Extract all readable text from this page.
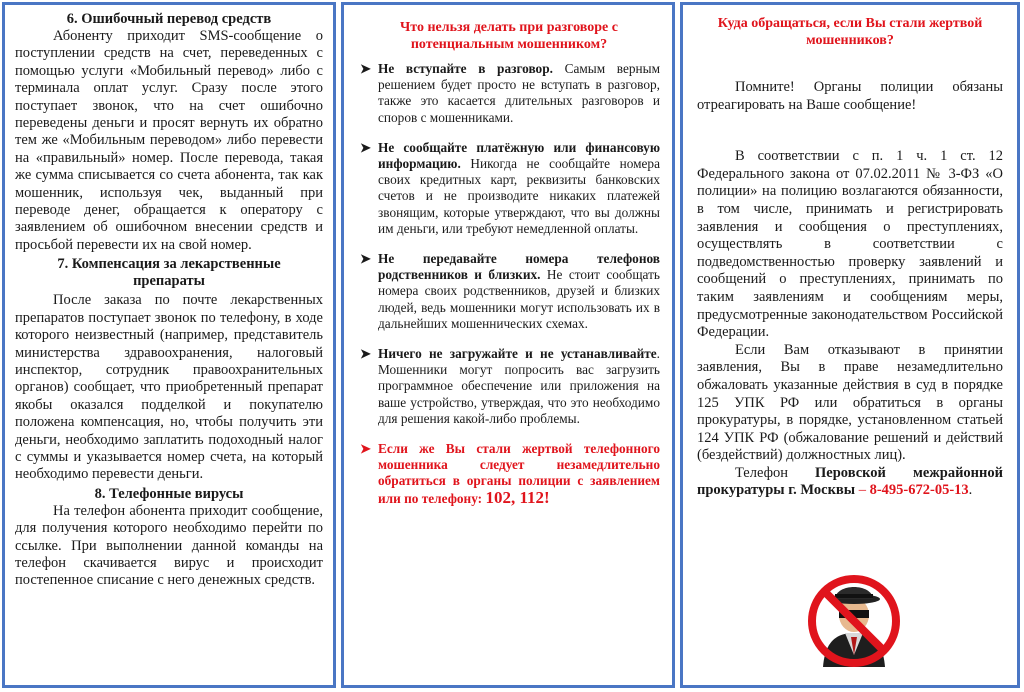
6. Ошибочный перевод средств

Абоненту приходит SMS-сообщение о поступлении средств на счет, переведенных с помощью услуги «Мобильный перевод» либо с терминала оплат услуг. Сразу после этого поступает звонок, что на счет ошибочно переведены деньги и просят вернуть их обратно тем же «Мобильным переводом» либо перевести на «правильный» номер. После перевода, такая же сумма списывается со счета абонента, так как мошенник, используя чек, выданный при переводе денег, обращается к оператору с заявлением об ошибочном внесении средств и просьбой перевести их на свой номер.

7. Компенсация за лекарственные препараты

После заказа по почте лекарственных препаратов поступает звонок по телефону, в ходе которого неизвестный (например, представитель министерства здравоохранения, налоговый инспектор, сотрудник правоохранительных органов) сообщает, что приобретенный препарат якобы оказался подделкой и покупателю положена компенсация, но, чтобы получить эти деньги, необходимо заплатить подоходный налог с суммы и указывается номер счета, на который необходимо перевести деньги.

8. Телефонные вирусы

На телефон абонента приходит сообщение, для получения которого необходимо перейти по ссылке. При выполнении данной команды на телефон скачивается вирус и происходит постепенное списание с него денежных средств.

Что нельзя делать при разговоре с потенциальным мошенником?
➤ Не вступайте в разговор. Самым верным решением будет просто не вступать в разговор, также это касается длительных разговоров и споров с мошенниками.
➤ Не сообщайте платёжную или финансовую информацию. Никогда не сообщайте номера своих кредитных карт, реквизиты банковских счетов и не производите никаких платежей звонящим, которые утверждают, что вы должны им деньги, или требуют немедленной оплаты.
➤ Не передавайте номера телефонов родственников и близких. Не стоит сообщать номера своих родственников, друзей и близких людей, ведь мошенники могут использовать их в дальнейших мошеннических схемах.
➤ Ничего не загружайте и не устанавливайте. Мошенники могут попросить вас загрузить программное обеспечение или приложения на ваше устройство, утверждая, что это необходимо для решения какой-либо проблемы.
➤ Если же Вы стали жертвой телефонного мошенника следует незамедлительно обратиться в органы полиции с заявлением или по телефону: 102, 112!
Куда обращаться, если Вы стали жертвой мошенников?

Помните! Органы полиции обязаны отреагировать на Ваше сообщение!

В соответствии с п. 1 ч. 1 ст. 12 Федерального закона от 07.02.2011 № 3-ФЗ «О полиции» на полицию возлагаются обязанности, в том числе, принимать и регистрировать заявления и сообщения о преступлениях, осуществлять в соответствии с подведомственностью проверку заявлений и сообщений о преступлениях, принимать по таким заявлениям и сообщениям меры, предусмотренные законодательством Российской Федерации.

Если Вам отказывают в принятии заявления, Вы в праве незамедлительно обжаловать указанные действия в суд в порядке 125 УПК РФ или обратиться в органы прокуратуры, в порядке, установленном статьей 124 УПК РФ (обжалование решений и действий (бездействий) должностных лиц).

Телефон Перовской межрайонной прокуратуры г. Москвы – 8-495-672-05-13.
